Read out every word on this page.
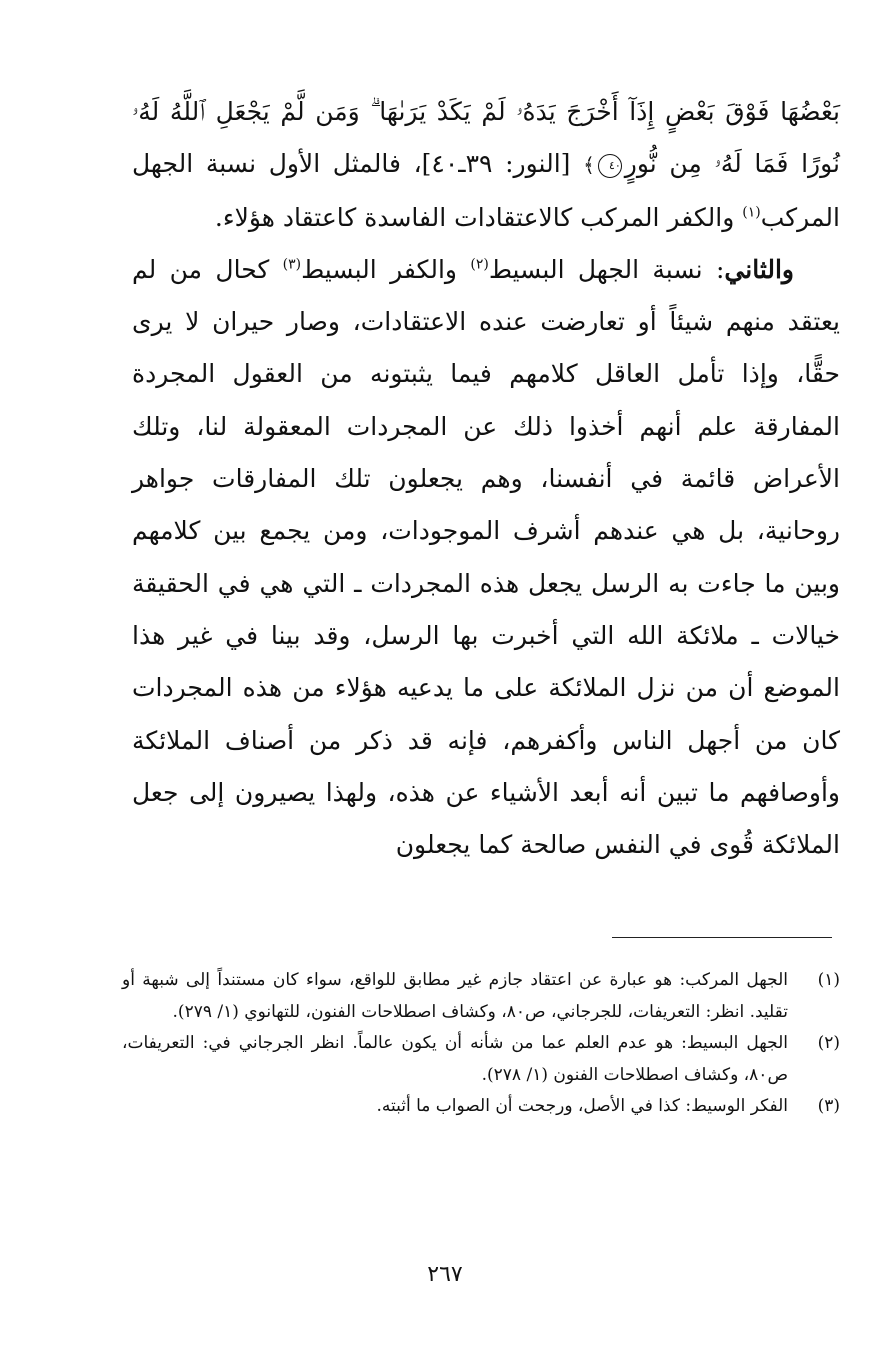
بَعْضُهَا فَوْقَ بَعْضٍ إِذَآ أَخْرَجَ يَدَهُۥ لَمْ يَكَدْ يَرَىٰهَا ۗ وَمَن لَّمْ يَجْعَلِ ٱللَّهُ لَهُۥ نُورًا فَمَا لَهُۥ مِن نُّورٍ٤٠﴾ [النور: ٣٩ـ٤٠]، فالمثل الأول نسبة الجهل المركب$^{(١)}$ والكفر المركب كالاعتقادات الفاسدة كاعتقاد هؤلاء.

والثاني: نسبة الجهل البسيط$^{(٢)}$ والكفر البسيط$^{(٣)}$ كحال من لم يعتقد منهم شيئاً أو تعارضت عنده الاعتقادات، وصار حيران لا يرى حقًّا، وإذا تأمل العاقل كلامهم فيما يثبتونه من العقول المجردة المفارقة علم أنهم أخذوا ذلك عن المجردات المعقولة لنا، وتلك الأعراض قائمة في أنفسنا، وهم يجعلون تلك المفارقات جواهر روحانية، بل هي عندهم أشرف الموجودات، ومن يجمع بين كلامهم وبين ما جاءت به الرسل يجعل هذه المجردات ـ التي هي في الحقيقة خيالات ـ ملائكة الله التي أخبرت بها الرسل، وقد بينا في غير هذا الموضع أن من نزل الملائكة على ما يدعيه هؤلاء من هذه المجردات كان من أجهل الناس وأكفرهم، فإنه قد ذكر من أصناف الملائكة وأوصافهم ما تبين أنه أبعد الأشياء عن هذه، ولهذا يصيرون إلى جعل الملائكة قُوى في النفس صالحة كما يجعلون

(١)
الجهل المركب: هو عبارة عن اعتقاد جازم غير مطابق للواقع، سواء كان مستنداً إلى شبهة أو تقليد. انظر: التعريفات، للجرجاني، ص٨٠، وكشاف اصطلاحات الفنون، للتهانوي (١/ ٢٧٩).
(٢)
الجهل البسيط: هو عدم العلم عما من شأنه أن يكون عالماً. انظر الجرجاني في: التعريفات، ص٨٠، وكشاف اصطلاحات الفنون (١/ ٢٧٨).
(٣)
الفكر الوسيط: كذا في الأصل، ورجحت أن الصواب ما أثبته.
٢٦٧
